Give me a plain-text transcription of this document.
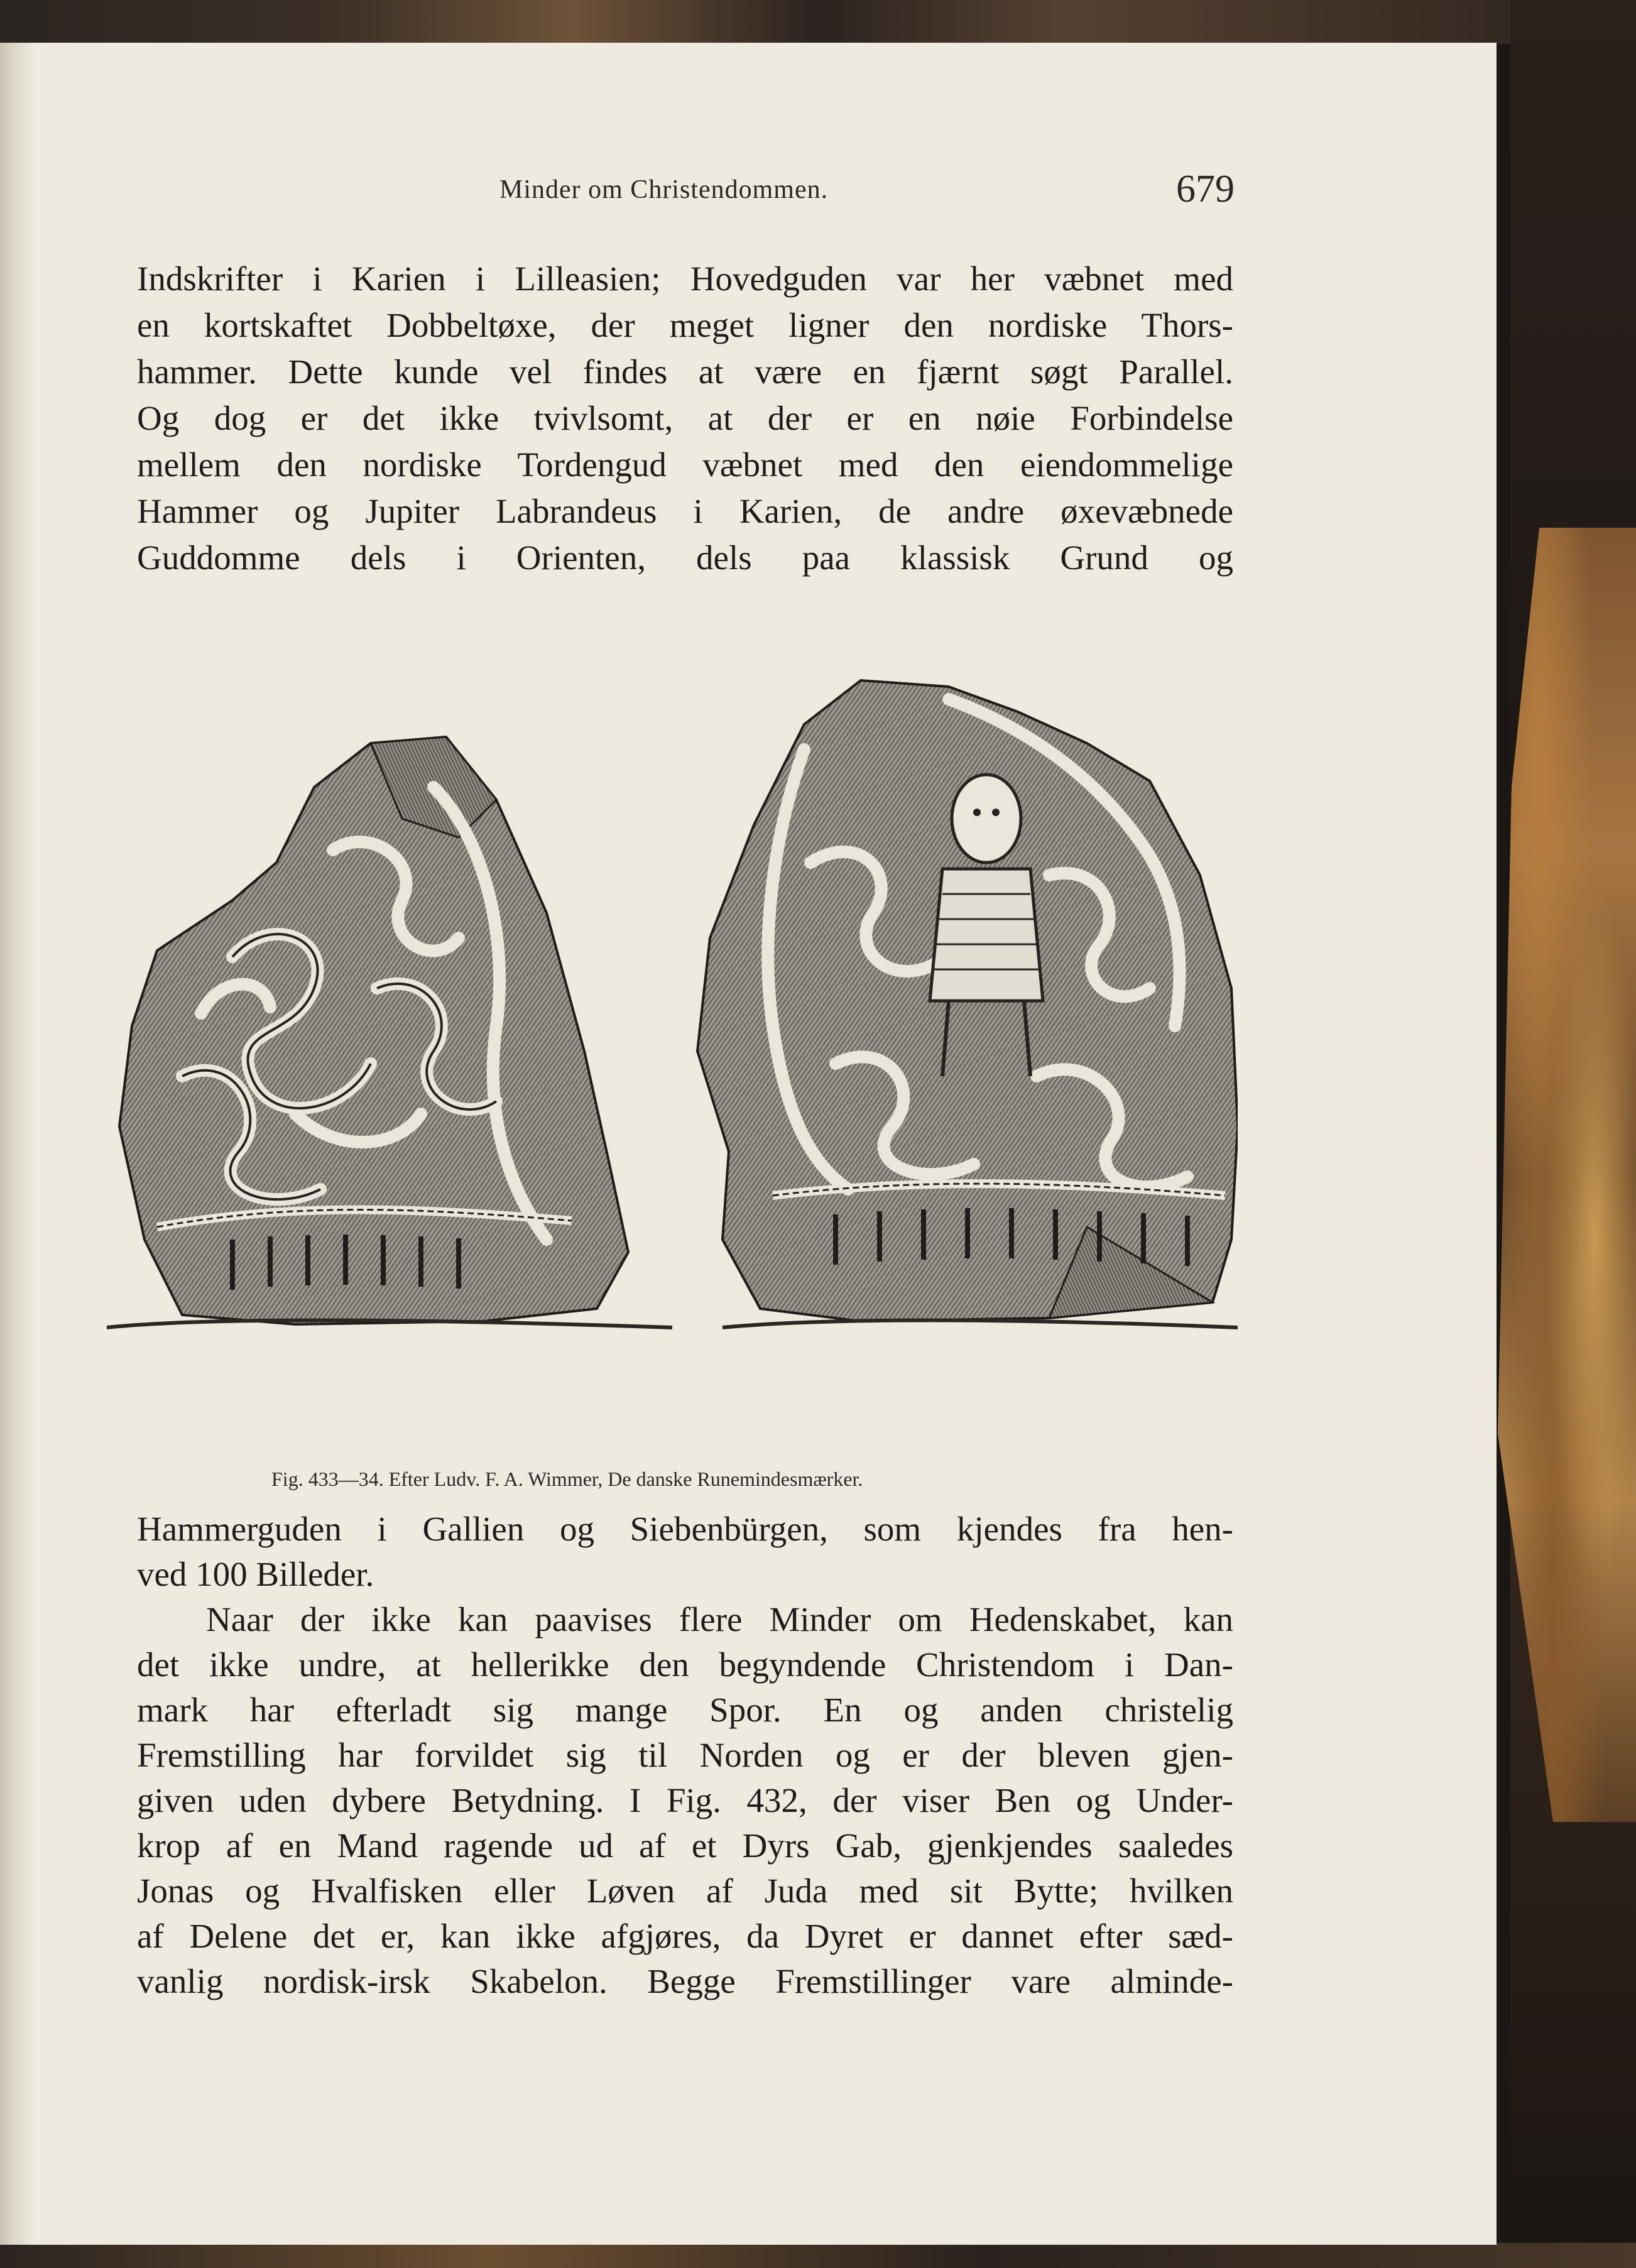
Minder om Christendommen.	679
Indskrifter i Karien i Lilleasien; Hovedguden var her væbnet med
en kortskaftet Dobbeltøxe, der meget ligner den nordiske Thors-
hammer. Dette kunde vel findes at være en fjærnt søgt Parallel.
Og dog er det ikke tvivlsomt, at der er en nøie Forbindelse
mellem den nordiske Tordengud væbnet med den eiendommelige
Hammer og Jupiter Labrandeus i Karien, de andre øxevæbnede
Guddomme dels i Orienten, dels paa klassisk Grund og
Fig. 433—34. Efter Ludv. F. A. Wimmer, De danske Runemindesmærker.
Hammerguden i Gallien og Siebenbürgen, som kjendes fra hen-
ved 100 Billeder.
Naar der ikke kan paavises flere Minder om Hedenskabet, kan
det ikke undre, at hellerikke den begyndende Christendom i Dan-
mark har efterladt sig mange Spor. En og anden christelig
Fremstilling har forvildet sig til Norden og er der bleven gjen-
given uden dybere Betydning. I Fig. 432, der viser Ben og Under-
krop af en Mand ragende ud af et Dyrs Gab, gjenkjendes saaledes
Jonas og Hvalfisken eller Løven af Juda med sit Bytte; hvilken
af Delene det er, kan ikke afgjøres, da Dyret er dannet efter sæd-
vanlig nordisk-irsk Skabelon. Begge Fremstillinger vare alminde-
